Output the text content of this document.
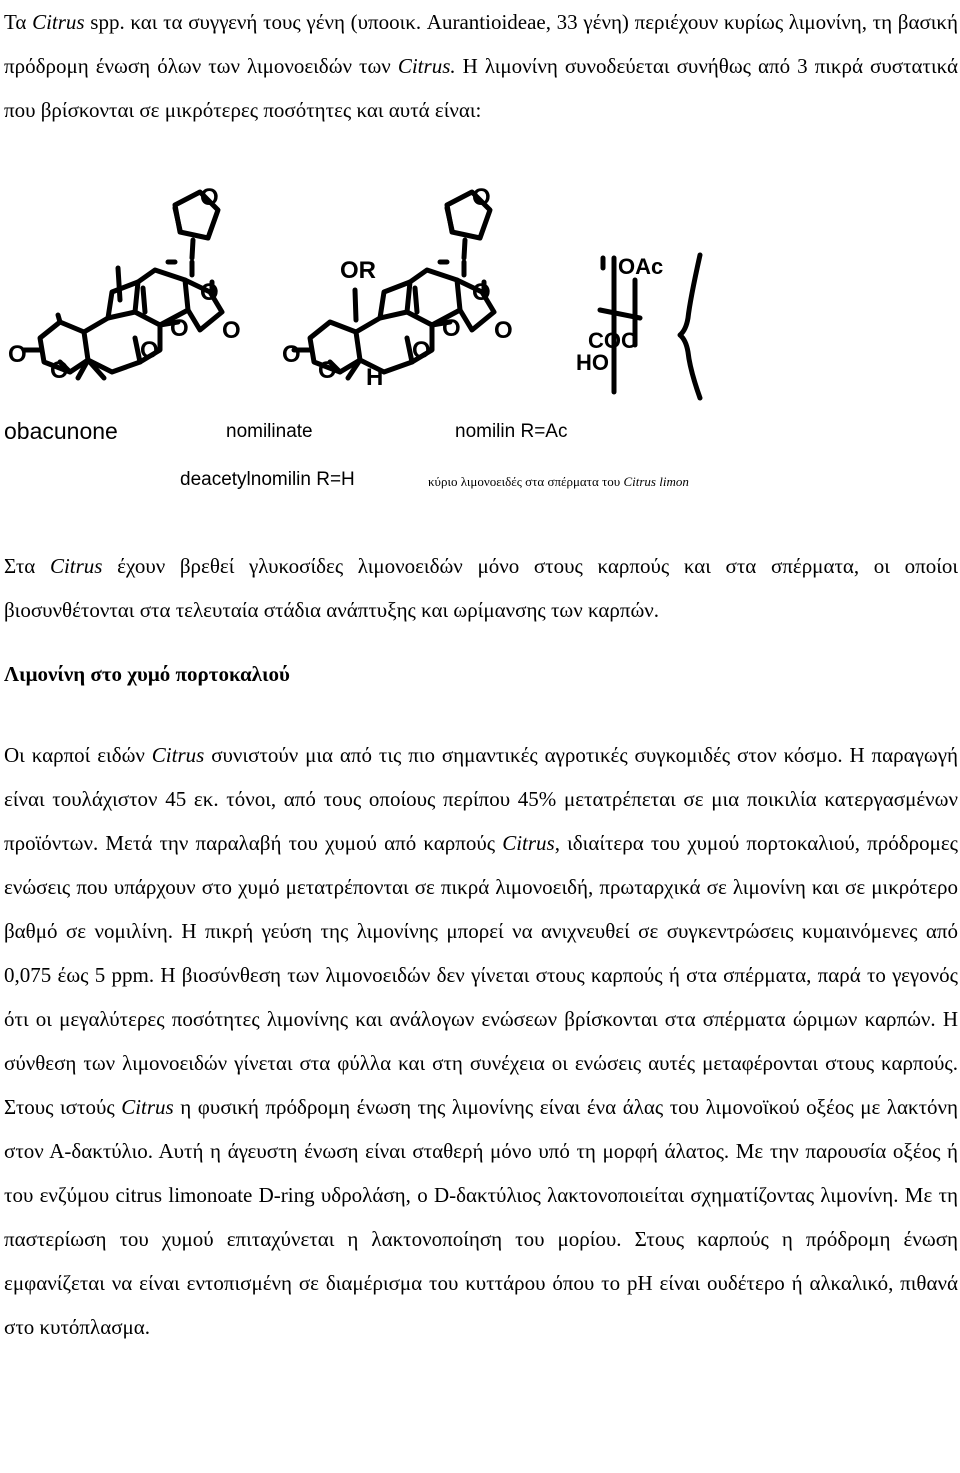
Τα Citrus spp. και τα συγγενή τους γένη (υποοικ. Aurantioideae, 33 γένη) περιέχουν κυρίως λιμονίνη, τη βασική πρόδρομη ένωση όλων των λιμονοειδών των Citrus. Η λιμονίνη συνοδεύεται συνήθως από 3 πικρά συστατικά που βρίσκονται σε μικρότερες ποσότητες και αυτά είναι:

O
O
O
O
O
O
O
O
O
O
O
O
O
O
OR
H
OAc
COO
HO
obacunone	nomilinate	nomilin R=Ac
deacetylnomilin R=H	κύριο λιμονοειδές στα σπέρματα του Citrus limon

Στα Citrus έχουν βρεθεί γλυκοσίδες λιμονοειδών μόνο στους καρπούς και στα σπέρματα, οι οποίοι βιοσυνθέτονται στα τελευταία στάδια ανάπτυξης και ωρίμανσης των καρπών.

Λιμονίνη στο χυμό πορτοκαλιού

Οι καρποί ειδών Citrus συνιστούν μια από τις πιο σημαντικές αγροτικές συγκομιδές στον κόσμο. Η παραγωγή είναι τουλάχιστον 45 εκ. τόνοι, από τους οποίους περίπου 45% μετατρέπεται σε μια ποικιλία κατεργασμένων προϊόντων. Μετά την παραλαβή του χυμού από καρπούς Citrus, ιδιαίτερα του χυμού πορτοκαλιού, πρόδρομες ενώσεις που υπάρχουν στο χυμό μετατρέπονται σε πικρά λιμονοειδή, πρωταρχικά σε λιμονίνη και σε μικρότερο βαθμό σε νομιλίνη. Η πικρή γεύση της λιμονίνης μπορεί να ανιχνευθεί σε συγκεντρώσεις κυμαινόμενες από 0,075 έως 5 ppm. Η βιοσύνθεση των λιμονοειδών δεν γίνεται στους καρπούς ή στα σπέρματα, παρά το γεγονός ότι οι μεγαλύτερες ποσότητες λιμονίνης και ανάλογων ενώσεων βρίσκονται στα σπέρματα ώριμων καρπών. Η σύνθεση των λιμονοειδών γίνεται στα φύλλα και στη συνέχεια οι ενώσεις αυτές μεταφέρονται στους καρπούς. Στους ιστούς Citrus η φυσική πρόδρομη ένωση της λιμονίνης είναι ένα άλας του λιμονοϊκού οξέος με λακτόνη στον Α-δακτύλιο. Αυτή η άγευστη ένωση είναι σταθερή μόνο υπό τη μορφή άλατος. Με την παρουσία οξέος ή του ενζύμου citrus limonoate D-ring υδρολάση, ο D-δακτύλιος λακτονοποιείται σχηματίζοντας λιμονίνη. Με τη παστερίωση του χυμού επιταχύνεται η λακτονοποίηση του μορίου. Στους καρπούς η πρόδρομη ένωση εμφανίζεται να είναι εντοπισμένη σε διαμέρισμα του κυττάρου όπου το pH είναι ουδέτερο ή αλκαλικό, πιθανά στο κυτόπλασμα.
